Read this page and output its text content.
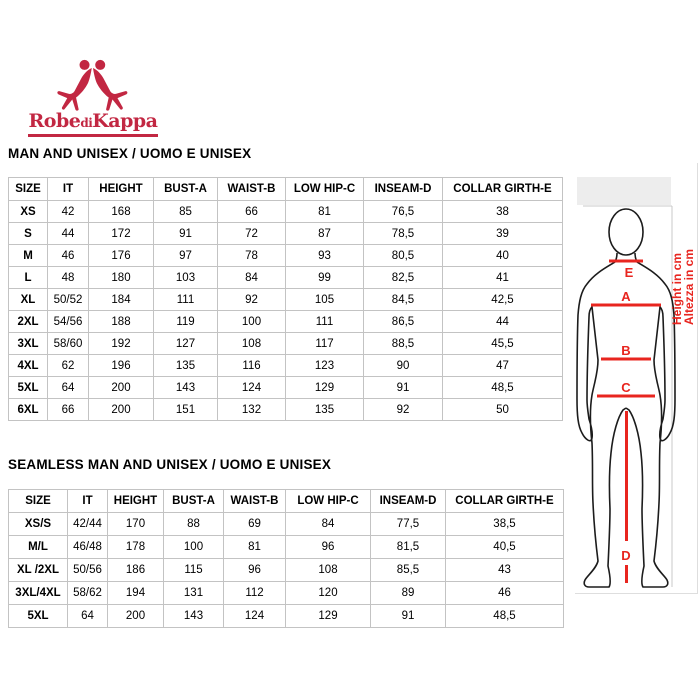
RobediKappa
MAN AND UNISEX / UOMO E UNISEX
SIZE	IT	HEIGHT	BUST-A	WAIST-B	LOW HIP-C	INSEAM-D	COLLAR GIRTH-E
XS	42	168	85	66	81	76,5	38
S	44	172	91	72	87	78,5	39
M	46	176	97	78	93	80,5	40
L	48	180	103	84	99	82,5	41
XL	50/52	184	111	92	105	84,5	42,5
2XL	54/56	188	119	100	111	86,5	44
3XL	58/60	192	127	108	117	88,5	45,5
4XL	62	196	135	116	123	90	47
5XL	64	200	143	124	129	91	48,5
6XL	66	200	151	132	135	92	50
SEAMLESS MAN AND UNISEX / UOMO E UNISEX
SIZE	IT	HEIGHT	BUST-A	WAIST-B	LOW HIP-C	INSEAM-D	COLLAR GIRTH-E
XS/S	42/44	170	88	69	84	77,5	38,5
M/L	46/48	178	100	81	96	81,5	40,5
XL /2XL	50/56	186	115	96	108	85,5	43
3XL/4XL	58/62	194	131	112	120	89	46
5XL	64	200	143	124	129	91	48,5
E
A
B
C
D
Height in cm
Altezza in cm
